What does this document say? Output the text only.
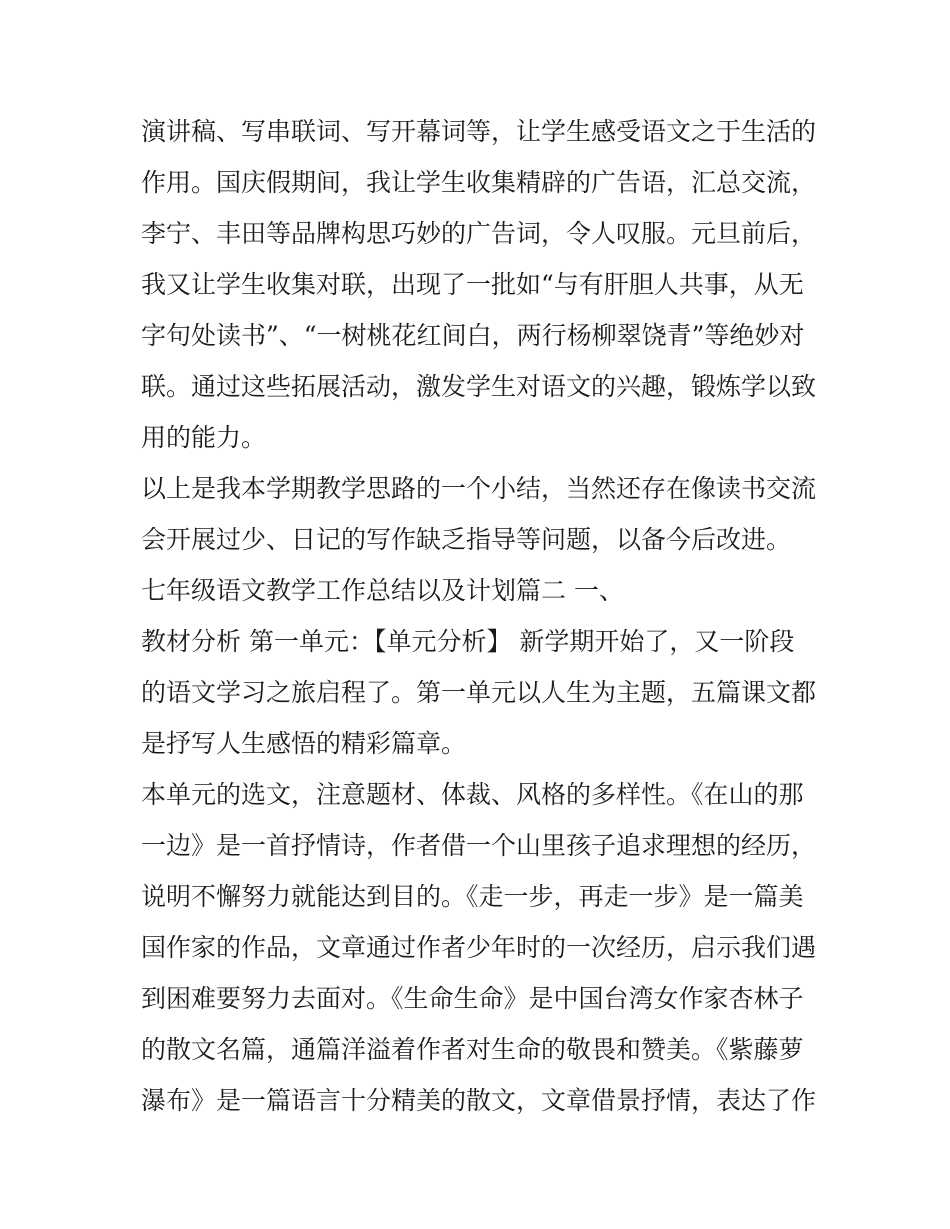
演讲稿、写串联词、写开幕词等，让学生感受语文之于生活的
作用。国庆假期间，我让学生收集精辟的广告语，汇总交流，
李宁、丰田等品牌构思巧妙的广告词，令人叹服。元旦前后，
我又让学生收集对联，出现了一批如“与有肝胆人共事，从无
字句处读书”、“一树桃花红间白，两行杨柳翠饶青”等绝妙对
联。通过这些拓展活动，激发学生对语文的兴趣，锻炼学以致
用的能力。
以上是我本学期教学思路的一个小结，当然还存在像读书交流
会开展过少、日记的写作缺乏指导等问题，以备今后改进。
七年级语文教学工作总结以及计划篇二 一、
教材分析 第一单元：【单元分析】 新学期开始了，又一阶段
的语文学习之旅启程了。第一单元以人生为主题，五篇课文都
是抒写人生感悟的精彩篇章。
本单元的选文，注意题材、体裁、风格的多样性。《在山的那
一边》是一首抒情诗，作者借一个山里孩子追求理想的经历，
说明不懈努力就能达到目的。《走一步，再走一步》是一篇美
国作家的作品，文章通过作者少年时的一次经历，启示我们遇
到困难要努力去面对。《生命生命》是中国台湾女作家杏林子
的散文名篇，通篇洋溢着作者对生命的敬畏和赞美。《紫藤萝
瀑布》是一篇语言十分精美的散文，文章借景抒情，表达了作
